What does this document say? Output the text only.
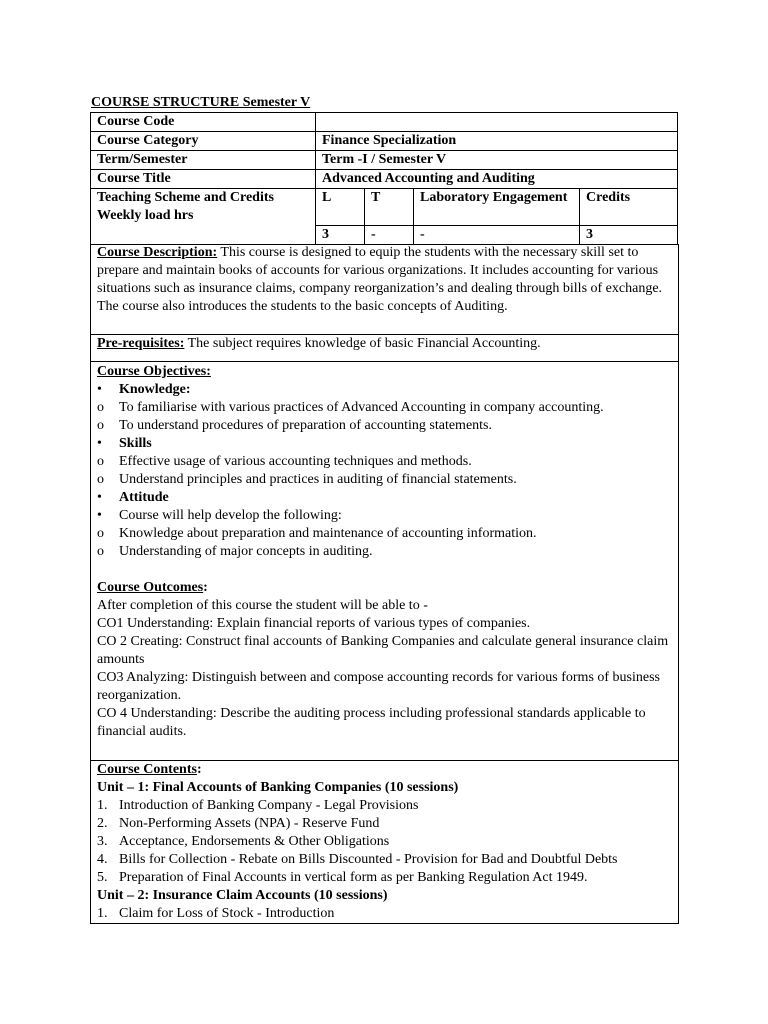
COURSE STRUCTURE Semester V
Course Code				
Course Category	Finance Specialization			
Term/Semester	Term -I / Semester V			
Course Title	Advanced Accounting and Auditing			

Teaching Scheme and Credits
Weekly load hrs	L	T	Laboratory Engagement	Credits
	3	-	-	3
Course Description: This course is designed to equip the students with the necessary skill set to prepare and maintain books of accounts for various organizations. It includes accounting for various situations such as insurance claims, company reorganization’s and dealing through bills of exchange. The course also introduces the students to the basic concepts of Auditing.
Pre-requisites: The subject requires knowledge of basic Financial Accounting.
Course Objectives:
•	Knowledge:
o	To familiarise with various practices of Advanced Accounting in company accounting.
o	To understand procedures of preparation of accounting statements.
•	Skills
o	Effective usage of various accounting techniques and methods.
o	Understand principles and practices in auditing of financial statements.
•	Attitude
•	Course will help develop the following:
o	Knowledge about preparation and maintenance of accounting information.
o	Understanding of major concepts in auditing.
Course Outcomes:
After completion of this course the student will be able to -
CO1 Understanding: Explain financial reports of various types of companies.
CO 2 Creating: Construct final accounts of Banking Companies and calculate general insurance claim amounts
CO3 Analyzing: Distinguish between and compose accounting records for various forms of business reorganization.
CO 4 Understanding: Describe the auditing process including professional standards applicable to financial audits.
Course Contents:
Unit – 1: Final Accounts of Banking Companies (10 sessions)
1. Introduction of Banking Company - Legal Provisions
2. Non-Performing Assets (NPA) - Reserve Fund
3. Acceptance, Endorsements & Other Obligations
4. Bills for Collection - Rebate on Bills Discounted - Provision for Bad and Doubtful Debts
5. Preparation of Final Accounts in vertical form as per Banking Regulation Act 1949.
Unit – 2: Insurance Claim Accounts (10 sessions)
1. Claim for Loss of Stock - Introduction
